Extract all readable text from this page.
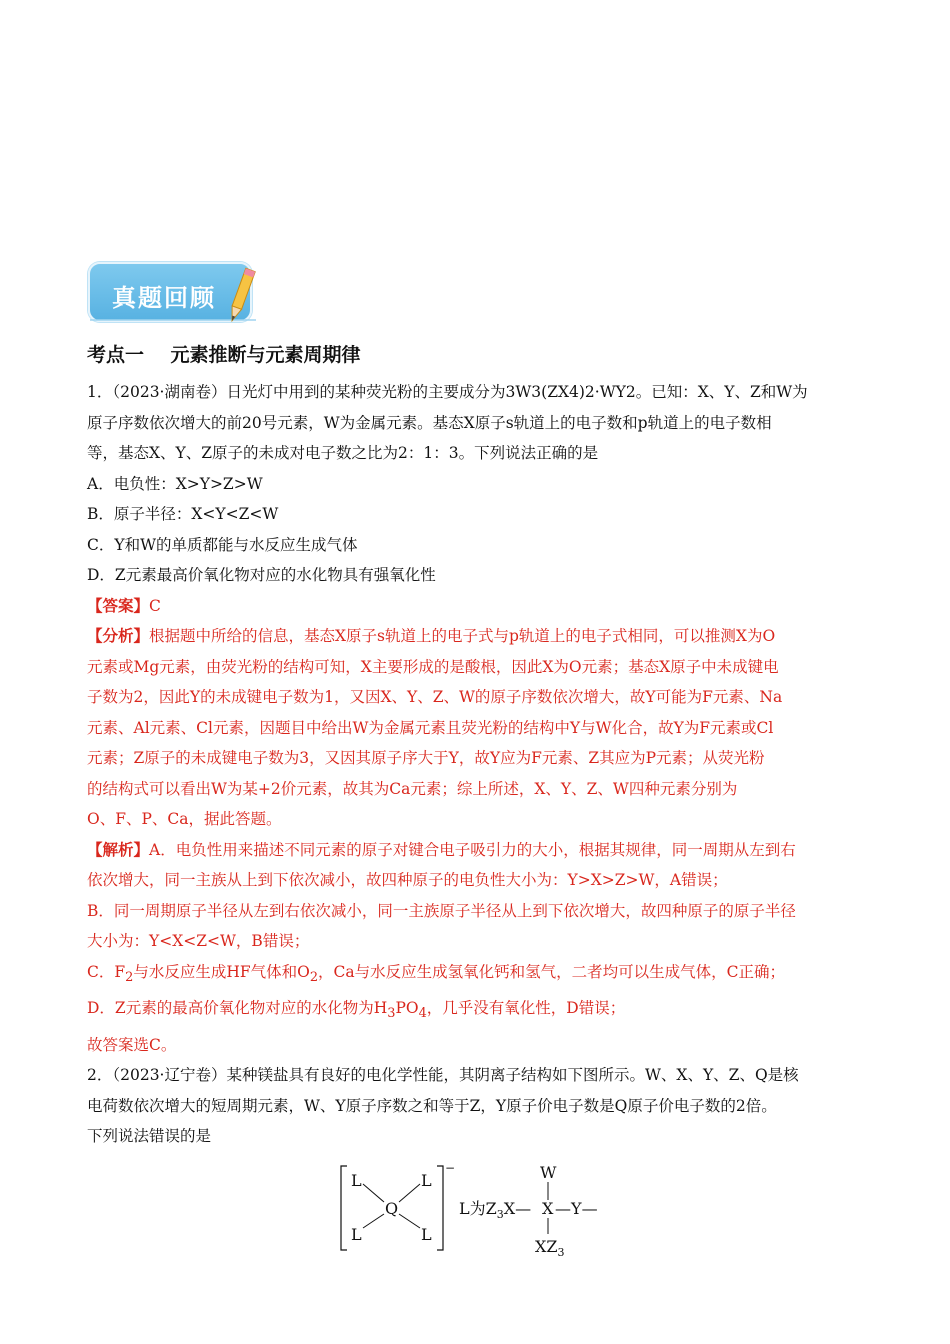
真题回顾
考点一    元素推断与元素周期律

1．（2023·湖南卷）日光灯中用到的某种荧光粉的主要成分为3W3(ZX4)2·WY2。已知：X、Y、Z和W为

原子序数依次增大的前20号元素，W为金属元素。基态X原子s轨道上的电子数和p轨道上的电子数相

等，基态X、Y、Z原子的未成对电子数之比为2：1：3。下列说法正确的是

A．电负性：X>Y>Z>W

B．原子半径：X<Y<Z<W

C．Y和W的单质都能与水反应生成气体

D．Z元素最高价氧化物对应的水化物具有强氧化性

【答案】C

【分析】根据题中所给的信息，基态X原子s轨道上的电子式与p轨道上的电子式相同，可以推测X为O

元素或Mg元素，由荧光粉的结构可知，X主要形成的是酸根，因此X为O元素；基态X原子中未成键电

子数为2，因此Y的未成键电子数为1，又因X、Y、Z、W的原子序数依次增大，故Y可能为F元素、Na

元素、Al元素、Cl元素，因题目中给出W为金属元素且荧光粉的结构中Y与W化合，故Y为F元素或Cl

元素；Z原子的未成键电子数为3，又因其原子序大于Y，故Y应为F元素、Z其应为P元素；从荧光粉

的结构式可以看出W为某+2价元素，故其为Ca元素；综上所述，X、Y、Z、W四种元素分别为

O、F、P、Ca，据此答题。

【解析】A．电负性用来描述不同元素的原子对键合电子吸引力的大小，根据其规律，同一周期从左到右

依次增大，同一主族从上到下依次减小，故四种原子的电负性大小为：Y>X>Z>W，A错误；

B．同一周期原子半径从左到右依次减小，同一主族原子半径从上到下依次增大，故四种原子的原子半径

大小为：Y<X<Z<W，B错误；

C．$F_2$与水反应生成HF气体和$O_2$，Ca与水反应生成氢氧化钙和氢气，二者均可以生成气体，C正确；

D．Z元素的最高价氧化物对应的水化物为$H_3PO_4$，几乎没有氧化性，D错误；

故答案选C。

2．（2023·辽宁卷）某种镁盐具有良好的电化学性能，其阴离子结构如下图所示。W、X、Y、Z、Q是核

电荷数依次增大的短周期元素，W、Y原子序数之和等于Z，Y原子价电子数是Q原子价电子数的2倍。

下列说法错误的是

−
L	L
L	L
Q	L为$Z_3X—$ X —Y—
W
$XZ_3$
